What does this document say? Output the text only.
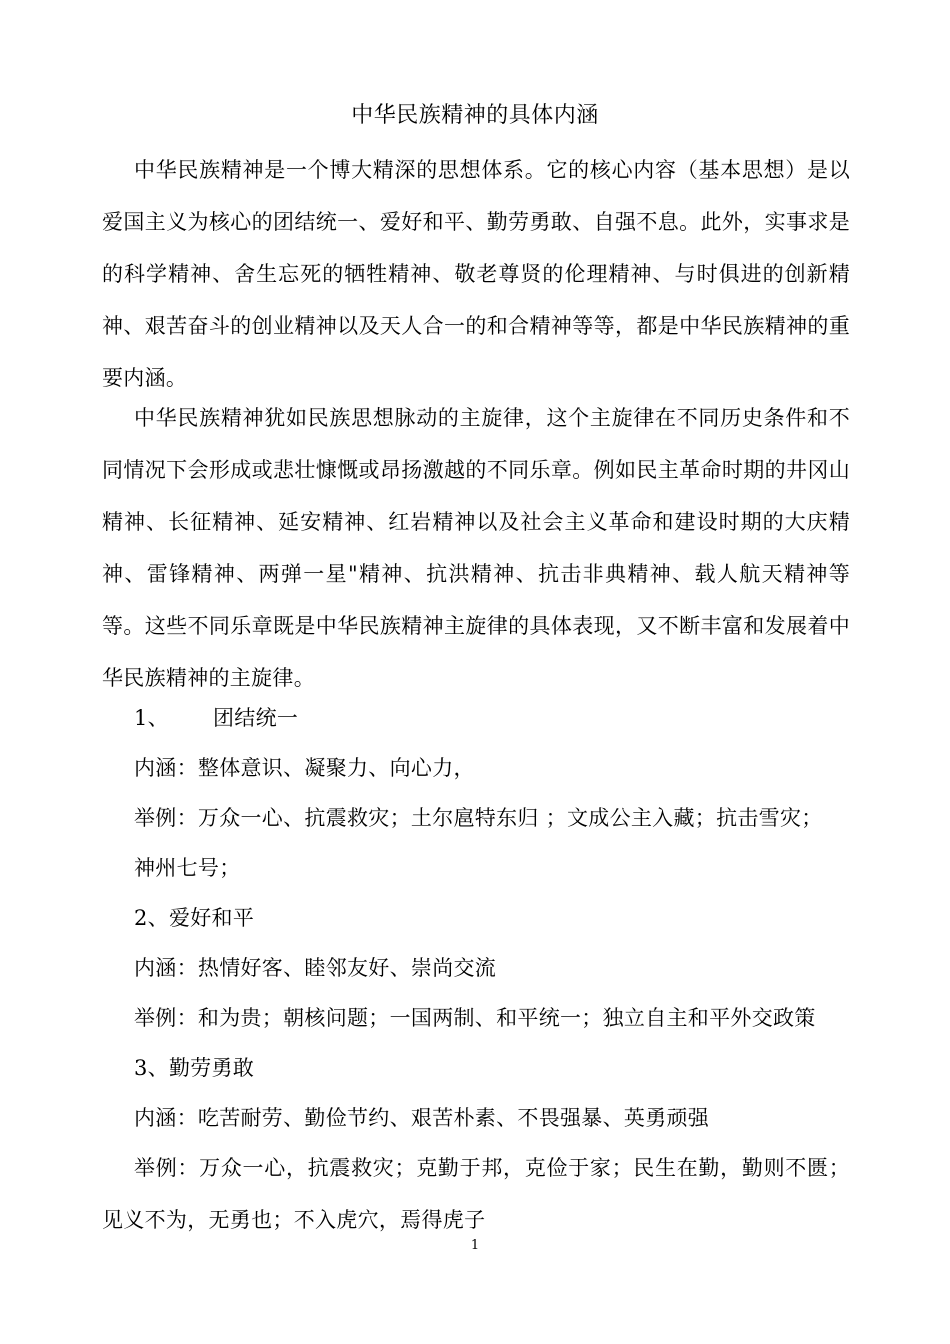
中华民族精神的具体内涵

中华民族精神是一个博大精深的思想体系。它的核心内容（基本思想）是以爱国主义为核心的团结统一、爱好和平、勤劳勇敢、自强不息。此外，实事求是的科学精神、舍生忘死的牺牲精神、敬老尊贤的伦理精神、与时俱进的创新精神、艰苦奋斗的创业精神以及天人合一的和合精神等等，都是中华民族精神的重要内涵。

中华民族精神犹如民族思想脉动的主旋律，这个主旋律在不同历史条件和不同情况下会形成或悲壮慷慨或昂扬激越的不同乐章。例如民主革命时期的井冈山精神、长征精神、延安精神、红岩精神以及社会主义革命和建设时期的大庆精神、雷锋精神、两弹一星"精神、抗洪精神、抗击非典精神、载人航天精神等等。这些不同乐章既是中华民族精神主旋律的具体表现，又不断丰富和发展着中华民族精神的主旋律。

1、 团结统一
内涵：整体意识、凝聚力、向心力，
举例：万众一心、抗震救灾；土尔扈特东归 ；文成公主入藏；抗击雪灾；
神州七号；
2、爱好和平
内涵：热情好客、睦邻友好、崇尚交流
举例：和为贵；朝核问题；一国两制、和平统一；独立自主和平外交政策
3、勤劳勇敢
内涵：吃苦耐劳、勤俭节约、艰苦朴素、不畏强暴、英勇顽强
举例：万众一心，抗震救灾；克勤于邦，克俭于家；民生在勤，勤则不匮；见义不为，无勇也；不入虎穴，焉得虎子
1
